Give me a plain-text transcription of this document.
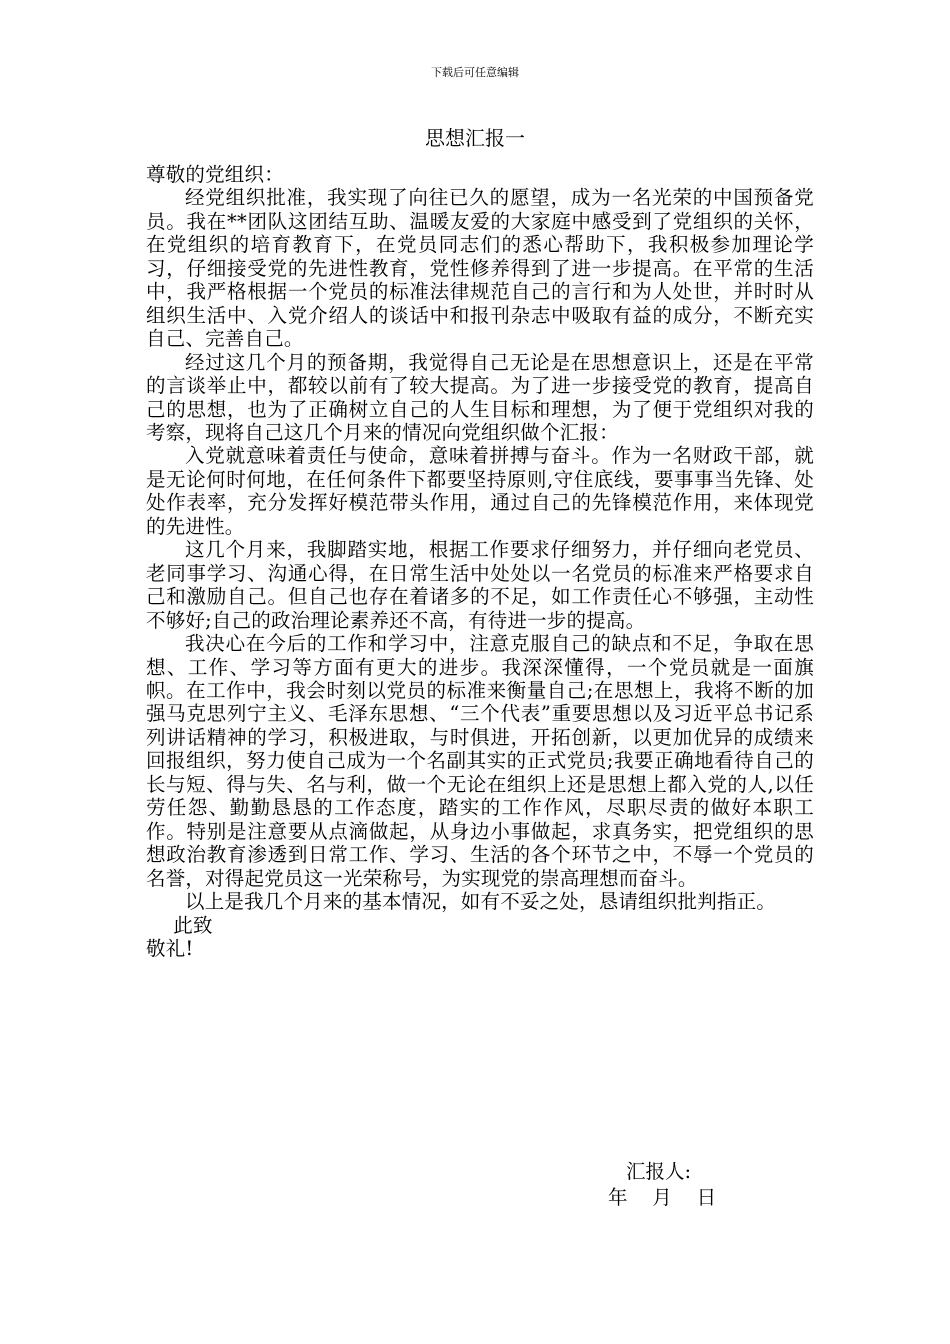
下载后可任意编辑
思想汇报一

尊敬的党组织：

经党组织批准，我实现了向往已久的愿望，成为一名光荣的中国预备党员。我在**团队这团结互助、温暖友爱的大家庭中感受到了党组织的关怀，在党组织的培育教育下，在党员同志们的悉心帮助下，我积极参加理论学习，仔细接受党的先进性教育，党性修养得到了进一步提高。在平常的生活中，我严格根据一个党员的标准法律规范自己的言行和为人处世，并时时从组织生活中、入党介绍人的谈话中和报刊杂志中吸取有益的成分，不断充实自己、完善自己。

经过这几个月的预备期，我觉得自己无论是在思想意识上，还是在平常的言谈举止中，都较以前有了较大提高。为了进一步接受党的教育，提高自己的思想，也为了正确树立自己的人生目标和理想，为了便于党组织对我的考察，现将自己这几个月来的情况向党组织做个汇报：

入党就意味着责任与使命，意味着拼搏与奋斗。作为一名财政干部，就是无论何时何地，在任何条件下都要坚持原则,守住底线，要事事当先锋、处处作表率，充分发挥好模范带头作用，通过自己的先锋模范作用，来体现党的先进性。

这几个月来，我脚踏实地，根据工作要求仔细努力，并仔细向老党员、老同事学习、沟通心得，在日常生活中处处以一名党员的标准来严格要求自己和激励自己。但自己也存在着诸多的不足，如工作责任心不够强，主动性不够好;自己的政治理论素养还不高，有待进一步的提高。

我决心在今后的工作和学习中，注意克服自己的缺点和不足，争取在思想、工作、学习等方面有更大的进步。我深深懂得，一个党员就是一面旗帜。在工作中，我会时刻以党员的标准来衡量自己;在思想上，我将不断的加强马克思列宁主义、毛泽东思想、“三个代表”重要思想以及习近平总书记系列讲话精神的学习，积极进取，与时俱进，开拓创新，以更加优异的成绩来回报组织，努力使自己成为一个名副其实的正式党员;我要正确地看待自己的长与短、得与失、名与利，做一个无论在组织上还是思想上都入党的人,以任劳任怨、勤勤恳恳的工作态度，踏实的工作作风，尽职尽责的做好本职工作。特别是注意要从点滴做起，从身边小事做起，求真务实，把党组织的思想政治教育渗透到日常工作、学习、生活的各个环节之中，不辱一个党员的名誉，对得起党员这一光荣称号，为实现党的崇高理想而奋斗。

以上是我几个月来的基本情况，如有不妥之处，恳请组织批判指正。

此致

敬礼!

汇报人:
年    月    日
